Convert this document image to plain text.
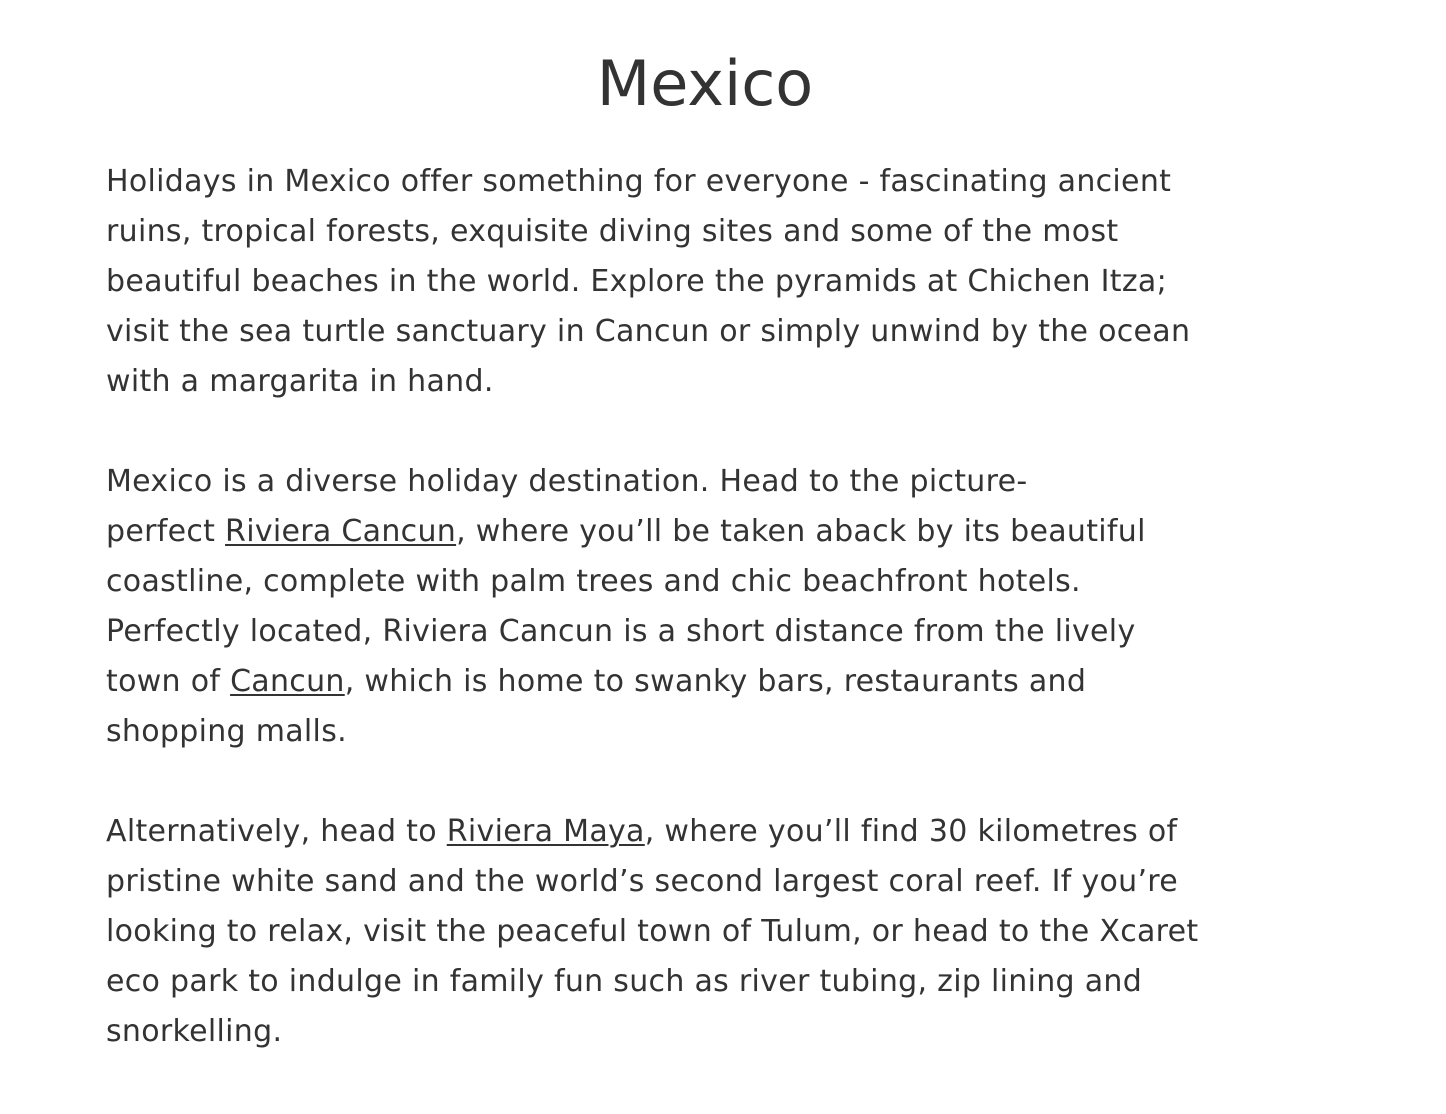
Mexico

Holidays in Mexico offer something for everyone - fascinating ancient
ruins, tropical forests, exquisite diving sites and some of the most
beautiful beaches in the world. Explore the pyramids at Chichen Itza;
visit the sea turtle sanctuary in Cancun or simply unwind by the ocean
with a margarita in hand.

Mexico is a diverse holiday destination. Head to the picture-
perfect Riviera Cancun, where you’ll be taken aback by its beautiful
coastline, complete with palm trees and chic beachfront hotels.
Perfectly located, Riviera Cancun is a short distance from the lively
town of Cancun, which is home to swanky bars, restaurants and
shopping malls.

Alternatively, head to Riviera Maya, where you’ll find 30 kilometres of
pristine white sand and the world’s second largest coral reef. If you’re
looking to relax, visit the peaceful town of Tulum, or head to the Xcaret
eco park to indulge in family fun such as river tubing, zip lining and
snorkelling.
